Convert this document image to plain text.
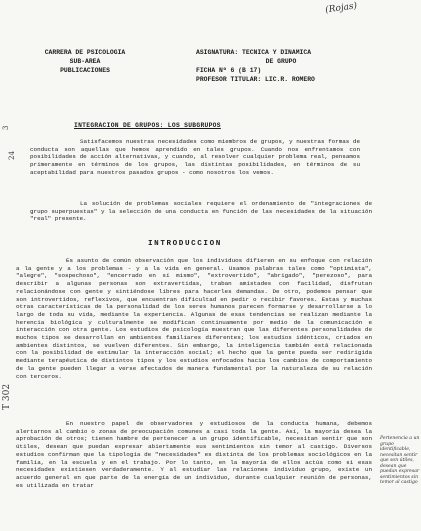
(Rojas)
CARRERA DE PSICOLOGIA
SUB-AREA
PUBLICACIONES
ASIGNATURA: TECNICA Y DINAMICA
DE GRUPO
FICHA Nº 6 (B 17)
PROFESOR TITULAR: LIC.R. ROMERO
INTEGRACION DE GRUPOS: LOS SUBGRUPOS
Satisfacemos nuestras necesidades como miembros de grupos, y nuestras formas de conducta son aquellas que hemos aprendido en tales grupos. Cuando nos enfrentamos con posibilidades de acción alternativas, y cuando, al resolver cualquier problema real, pensamos primeramente en términos de los grupos, las distintas posibilidades, en términos de su aceptabilidad para nuestros pasados grupos - como nosotros los vemos.
La solución de problemas sociales requiere el ordenamiento de "integraciones de grupo superpuestas" y la selección de una conducta en función de las necesidades de la situación "real" presente.
INTRODUCCION
Es asunto de común observación que los individuos difieren en su enfoque con relación a la gente y a los problemas - y a la vida en general. Usamos palabras tales como "optimista", "alegre", "sospechoso", "encerrado en sí mismo", "extrovertido", "abrigado", "perezoso", para describir a algunas personas son extravertidas, traban amistades con facilidad, disfrutan relacionándose con gente y sintiéndose libres para hacerles demandas. De otro, podemos pensar que son introvertidos, reflexivos, que encuentran dificultad en pedir o recibir favores. Estas y muchas otras características de la personalidad de los seres humanos parecen formarse y desarrollarse a lo largo de toda su vida, mediante la experiencia. Algunas de esas tendencias se realizan mediante la herencia biológica y culturalmente se modifican continuamente por medio de la comunicación e interacción con otra gente. Los estudios de psicología muestran que las diferentes personalidades de muchos tipos se desarrollan en ambientes familiares diferentes; los estudios idénticos, criados en ambientes distintos, se vuelven diferentes. Sin embargo, la inteligencia también está relacionada con la posibilidad de estimular la interacción social; el hecho que la gente pueda ser redirigida mediante terapéutica de distintos tipos y los estudios enfocados hacia los cambios de comportamiento de la gente pueden llegar a verse afectados de manera fundamental por la naturaleza de su relación con terceros.
En nuestro papel de observadores y estudiosos de la conducta humana, debemos alertarnos al cambio o zonas de preocupación comunes a casi toda la gente. Así, la mayoría desea la aprobación de otros; tienen hambre de pertenecer a un grupo identificable, necesitan sentir que son útiles, desean que puedan expresar abiertamente sus sentimientos sin temor al castigo. Diversos estudios confirman que la tipología de "necesidades" es distinta de los problemas sociológicos en la familia, en la escuela y en el trabajo. Por lo tanto, en la mayoría de ellos actúa como si esas necesidades existiesen verdaderamente. Y al estudiar las relaciones individuo grupo, existe un acuerdo general en que parte de la energía de un individuo, durante cualquier reunión de personas, es utilizada en tratar
T 302
24
3
Pertenencia a un grupo identificable, necesitan sentir que son útiles, desean que puedan expresar sentimientos sin temor al castigo
